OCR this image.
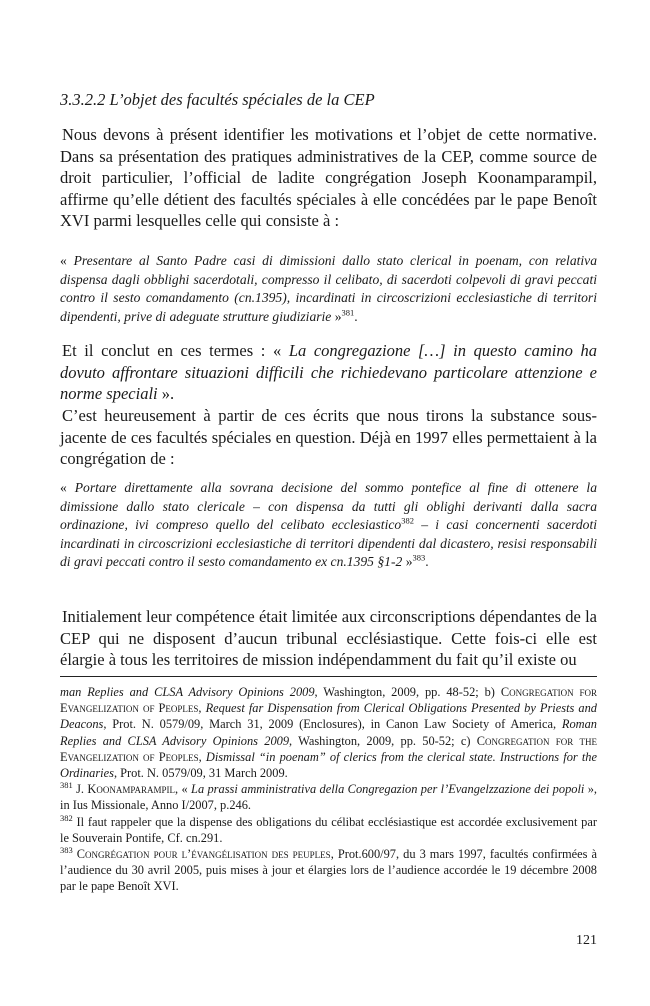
3.3.2.2 L’objet des facultés spéciales de la CEP
Nous devons à présent identifier les motivations et l’objet de cette normative. Dans sa présentation des pratiques administratives de la CEP, comme source de droit particulier, l’official de ladite congrégation Joseph Koonamparampil, affirme qu’elle détient des facultés spéciales à elle concédées par le pape Benoît XVI parmi lesquelles celle qui consiste à :
« Presentare al Santo Padre casi di dimissioni dallo stato clerical in poenam, con relativa dispensa dagli obblighi sacerdotali, compresso il celibato, di sacerdoti colpevoli di gravi peccati contro il sesto comandamento (cn.1395), incardinati in circoscrizioni ecclesiastiche di territori dipendenti, prive di adeguate strutture giudiziarie »$^{381}$.
Et il conclut en ces termes : « La congregazione […] in questo camino ha dovuto affrontare situazioni difficili che richiedevano particolare attenzione e norme speciali ».
C’est heureusement à partir de ces écrits que nous tirons la substance sous-jacente de ces facultés spéciales en question. Déjà en 1997 elles permettaient à la congrégation de :
« Portare direttamente alla sovrana decisione del sommo pontefice al fine di ottenere la dimissione dallo stato clericale – con dispensa da tutti gli oblighi derivanti dalla sacra ordinazione, ivi compreso quello del celibato ecclesiastico$^{382}$ – i casi concernenti sacerdoti incardinati in circoscrizioni ecclesiastiche di territori dipendenti dal dicastero, resisi responsabili di gravi peccati contro il sesto comandamento ex cn.1395 §1-2 »$^{383}$.
Initialement leur compétence était limitée aux circonscriptions dépendantes de la CEP qui ne disposent d’aucun tribunal ecclésiastique. Cette fois-ci elle est élargie à tous les territoires de mission indépendamment du fait qu’il existe ou

man Replies and CLSA Advisory Opinions 2009, Washington, 2009, pp. 48-52; b) Congregation for Evangelization of Peoples, Request far Dispensation from Clerical Obligations Presented by Priests and Deacons, Prot. N. 0579/09, March 31, 2009 (Enclosures), in Canon Law Society of America, Roman Replies and CLSA Advisory Opinions 2009, Washington, 2009, pp. 50-52; c) Congregation for the Evangelization of Peoples, Dismissal “in poenam” of clerics from the clerical state. Instructions for the Ordinaries, Prot. N. 0579/09, 31 March 2009.

$^{381}$ J. Koonamparampil, « La prassi amministrativa della Congregazion per l’Evangelzzazione dei popoli », in Ius Missionale, Anno I/2007, p.246.

$^{382}$ Il faut rappeler que la dispense des obligations du célibat ecclésiastique est accordée exclusivement par le Souverain Pontife, Cf. cn.291.

$^{383}$ Congrégation pour l’évangélisation des peuples, Prot.600/97, du 3 mars 1997, facultés confirmées à l’audience du 30 avril 2005, puis mises à jour et élargies lors de l’audience accordée le 19 décembre 2008 par le pape Benoît XVI.

121
